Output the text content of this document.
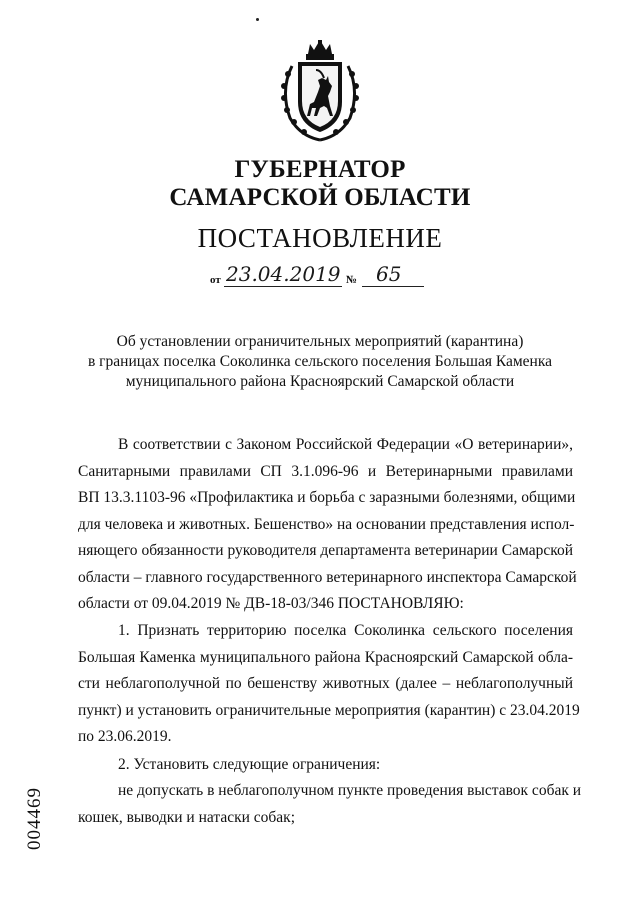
ГУБЕРНАТОР
САМАРСКОЙ ОБЛАСТИ
ПОСТАНОВЛЕНИЕ
от 23.04.2019 № 65
Об установлении ограничительных мероприятий (карантина)
в границах поселка Соколинка сельского поселения Большая Каменка
муниципального района Красноярский Самарской области
В соответствии с Законом Российской Федерации «О ветеринарии»,
Санитарными правилами СП 3.1.096-96 и Ветеринарными правилами
ВП 13.3.1103-96 «Профилактика и борьба с заразными болезнями, общими
для человека и животных. Бешенство» на основании представления испол-
няющего обязанности руководителя департамента ветеринарии Самарской
области – главного государственного ветеринарного инспектора Самарской
области от 09.04.2019 № ДВ-18-03/346 ПОСТАНОВЛЯЮ:
1. Признать территорию поселка Соколинка сельского поселения
Большая Каменка муниципального района Красноярский Самарской обла-
сти неблагополучной по бешенству животных (далее – неблагополучный
пункт) и установить ограничительные мероприятия (карантин) с 23.04.2019
по 23.06.2019.
2. Установить следующие ограничения:
не допускать в неблагополучном пункте проведения выставок собак и
кошек, выводки и натаски собак;
004469
